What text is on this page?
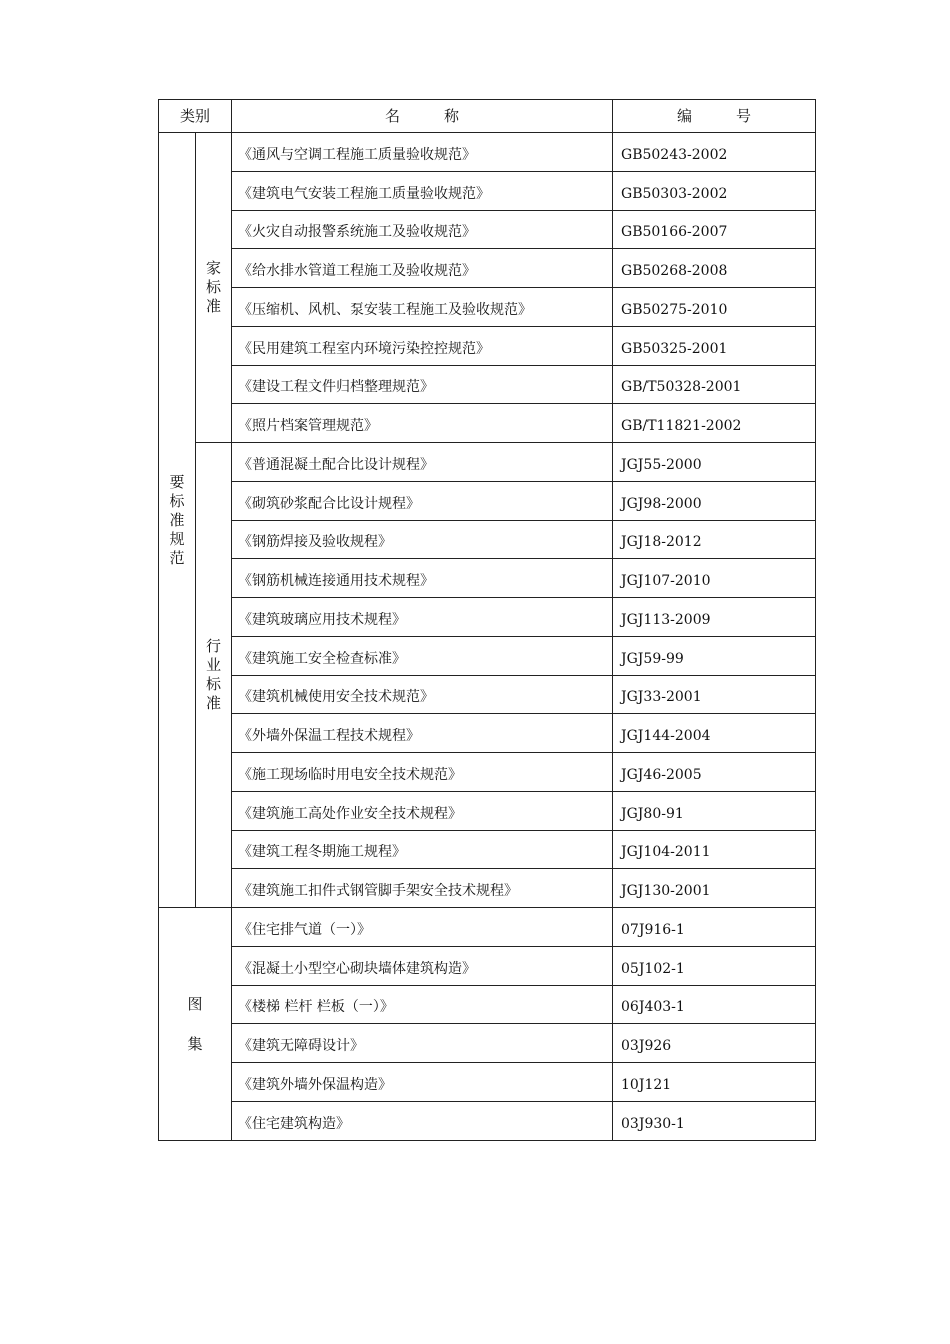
类别		名 称	编 号
要标准规范	家标准	《通风与空调工程施工质量验收规范》	GB50243-2002
		《建筑电气安装工程施工质量验收规范》	GB50303-2002
		《火灾自动报警系统施工及验收规范》	GB50166-2007
		《给水排水管道工程施工及验收规范》	GB50268-2008
		《压缩机、风机、泵安装工程施工及验收规范》	GB50275-2010
		《民用建筑工程室内环境污染控控规范》	GB50325-2001
		《建设工程文件归档整理规范》	GB/T50328-2001
		《照片档案管理规范》	GB/T11821-2002
	行业标准	《普通混凝土配合比设计规程》	JGJ55-2000
		《砌筑砂浆配合比设计规程》	JGJ98-2000
		《钢筋焊接及验收规程》	JGJ18-2012
		《钢筋机械连接通用技术规程》	JGJ107-2010
		《建筑玻璃应用技术规程》	JGJ113-2009
		《建筑施工安全检查标准》	JGJ59-99
		《建筑机械使用安全技术规范》	JGJ33-2001
		《外墙外保温工程技术规程》	JGJ144-2004
		《施工现场临时用电安全技术规范》	JGJ46-2005
		《建筑施工高处作业安全技术规程》	JGJ80-91
		《建筑工程冬期施工规程》	JGJ104-2011
		《建筑施工扣件式钢管脚手架安全技术规程》	JGJ130-2001
图集		《住宅排气道（一）》	07J916-1
		《混凝土小型空心砌块墙体建筑构造》	05J102-1
		《楼梯 栏杆 栏板（一）》	06J403-1
		《建筑无障碍设计》	03J926
		《建筑外墙外保温构造》	10J121
		《住宅建筑构造》	03J930-1
